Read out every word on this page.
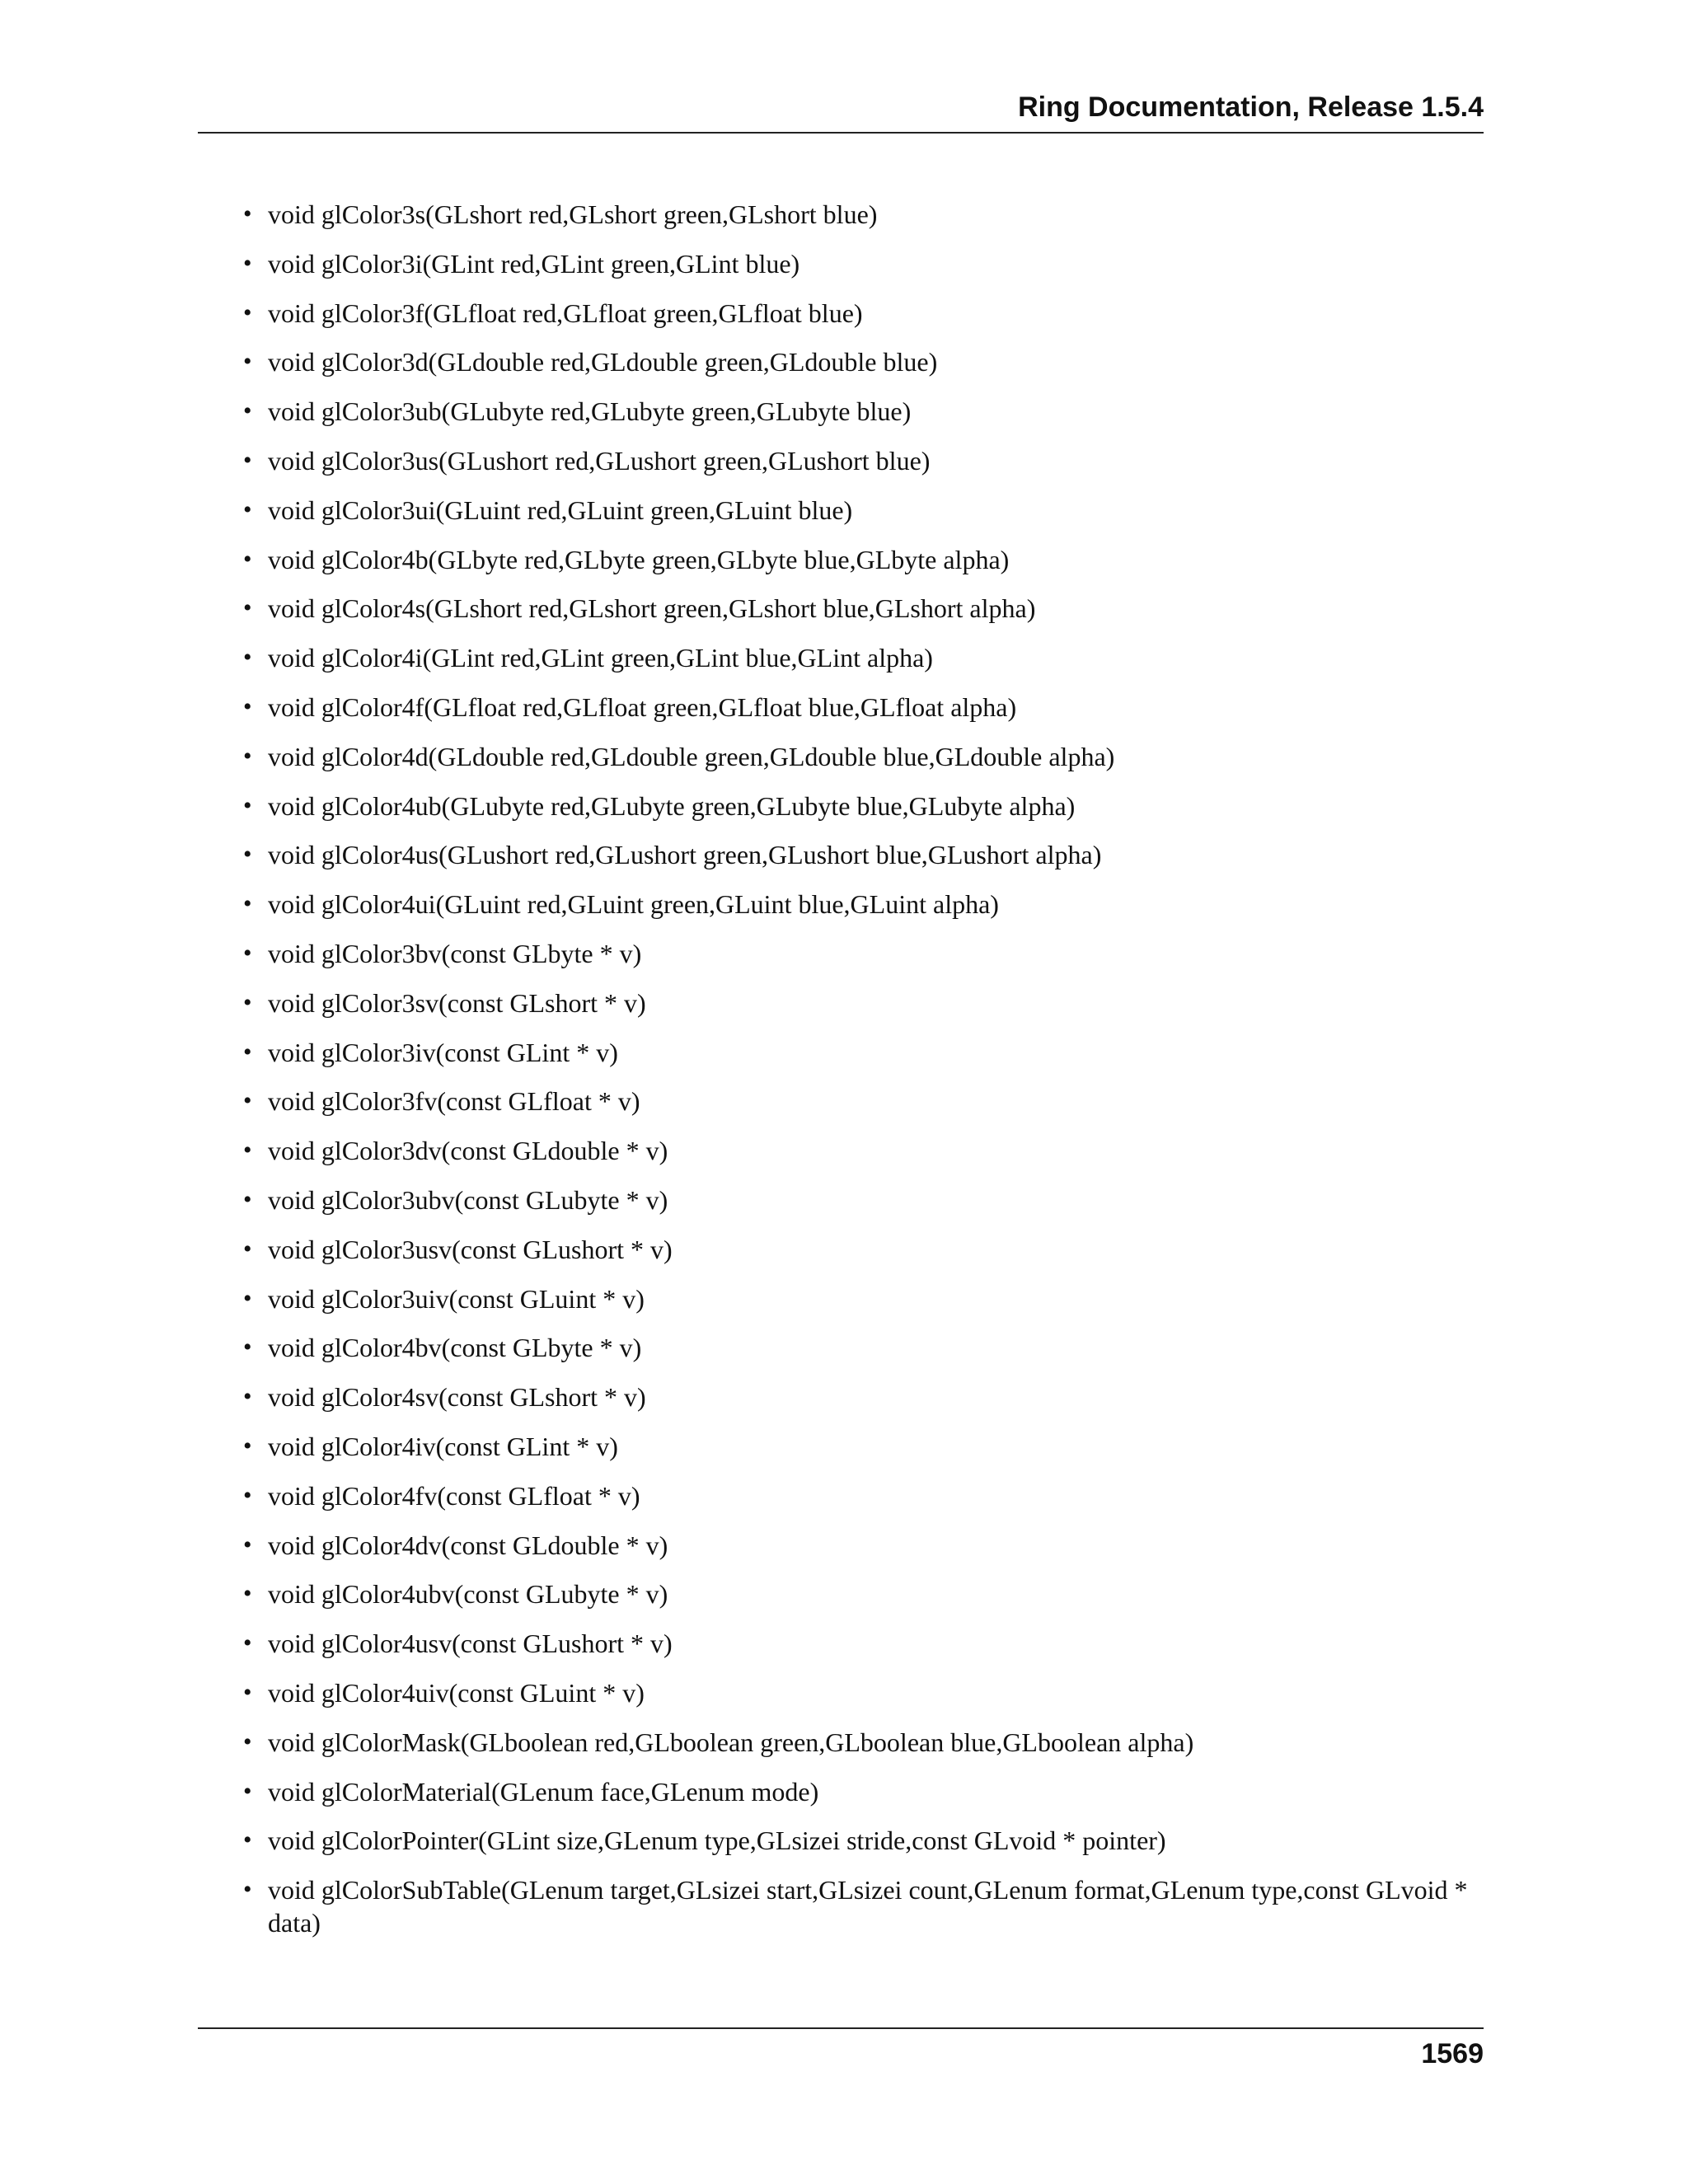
Ring Documentation, Release 1.5.4
• void glColor3s(GLshort red,GLshort green,GLshort blue)
• void glColor3i(GLint red,GLint green,GLint blue)
• void glColor3f(GLfloat red,GLfloat green,GLfloat blue)
• void glColor3d(GLdouble red,GLdouble green,GLdouble blue)
• void glColor3ub(GLubyte red,GLubyte green,GLubyte blue)
• void glColor3us(GLushort red,GLushort green,GLushort blue)
• void glColor3ui(GLuint red,GLuint green,GLuint blue)
• void glColor4b(GLbyte red,GLbyte green,GLbyte blue,GLbyte alpha)
• void glColor4s(GLshort red,GLshort green,GLshort blue,GLshort alpha)
• void glColor4i(GLint red,GLint green,GLint blue,GLint alpha)
• void glColor4f(GLfloat red,GLfloat green,GLfloat blue,GLfloat alpha)
• void glColor4d(GLdouble red,GLdouble green,GLdouble blue,GLdouble alpha)
• void glColor4ub(GLubyte red,GLubyte green,GLubyte blue,GLubyte alpha)
• void glColor4us(GLushort red,GLushort green,GLushort blue,GLushort alpha)
• void glColor4ui(GLuint red,GLuint green,GLuint blue,GLuint alpha)
• void glColor3bv(const GLbyte * v)
• void glColor3sv(const GLshort * v)
• void glColor3iv(const GLint * v)
• void glColor3fv(const GLfloat * v)
• void glColor3dv(const GLdouble * v)
• void glColor3ubv(const GLubyte * v)
• void glColor3usv(const GLushort * v)
• void glColor3uiv(const GLuint * v)
• void glColor4bv(const GLbyte * v)
• void glColor4sv(const GLshort * v)
• void glColor4iv(const GLint * v)
• void glColor4fv(const GLfloat * v)
• void glColor4dv(const GLdouble * v)
• void glColor4ubv(const GLubyte * v)
• void glColor4usv(const GLushort * v)
• void glColor4uiv(const GLuint * v)
• void glColorMask(GLboolean red,GLboolean green,GLboolean blue,GLboolean alpha)
• void glColorMaterial(GLenum face,GLenum mode)
• void glColorPointer(GLint size,GLenum type,GLsizei stride,const GLvoid * pointer)
• void glColorSubTable(GLenum target,GLsizei start,GLsizei count,GLenum format,GLenum type,const GLvoid * data)
1569
